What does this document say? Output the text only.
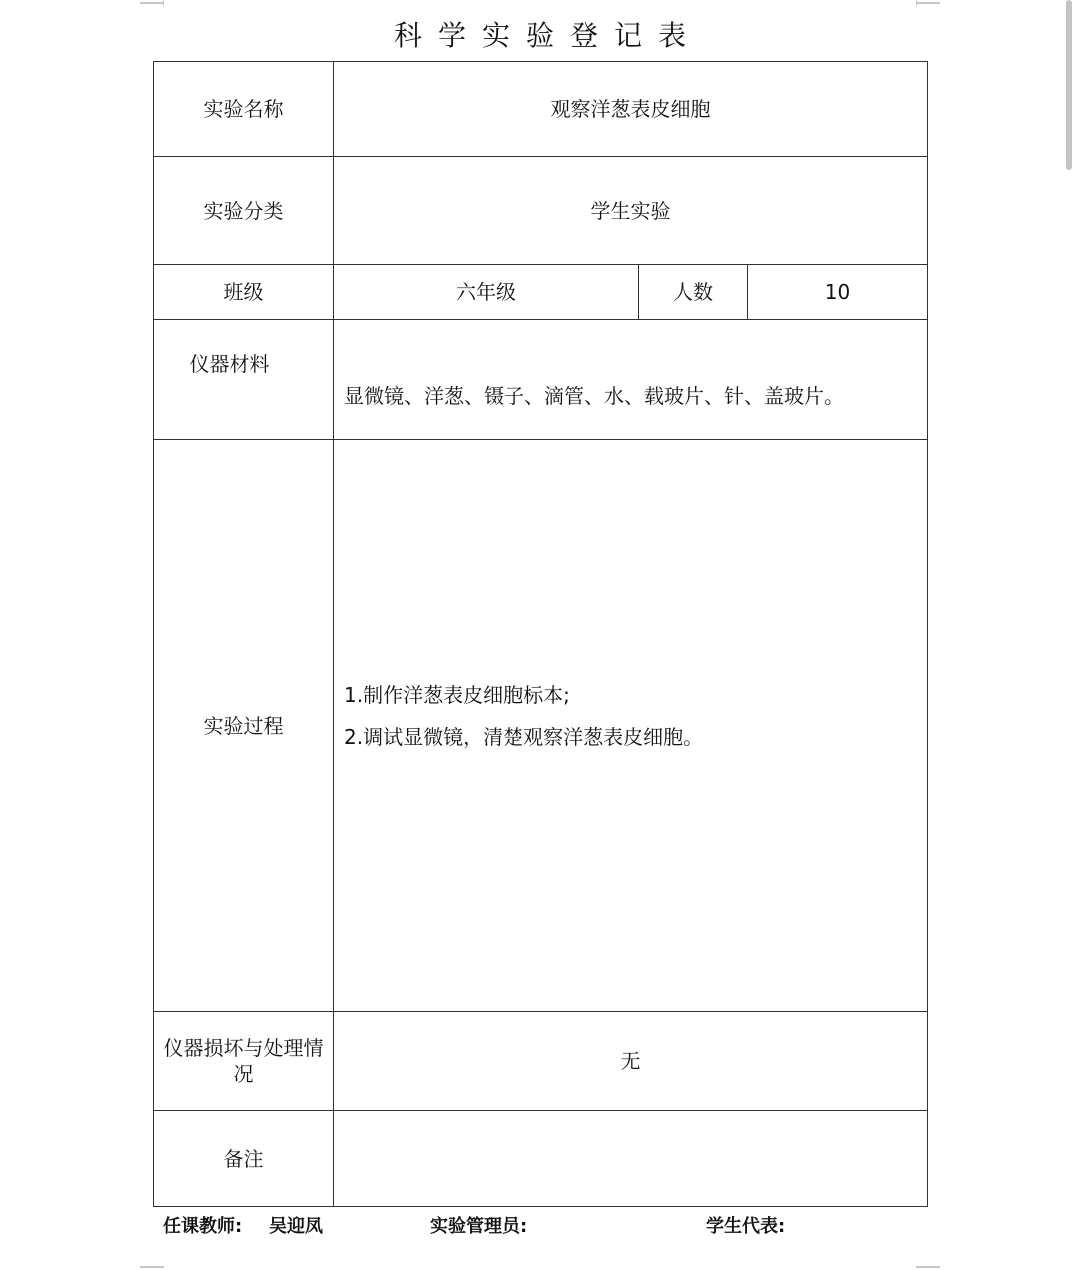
科学实验登记表
实验名称	观察洋葱表皮细胞		
实验分类	学生实验		
班级	六年级	人数	10
仪器材料	显微镜、洋葱、镊子、滴管、水、载玻片、针、盖玻片。		
实验过程	1.制作洋葱表皮细胞标本;
2.调试显微镜，清楚观察洋葱表皮细胞。		

仪器损坏与处理情况	无		
备注			
任课教师: 吴迎凤	实验管理员:	学生代表:
